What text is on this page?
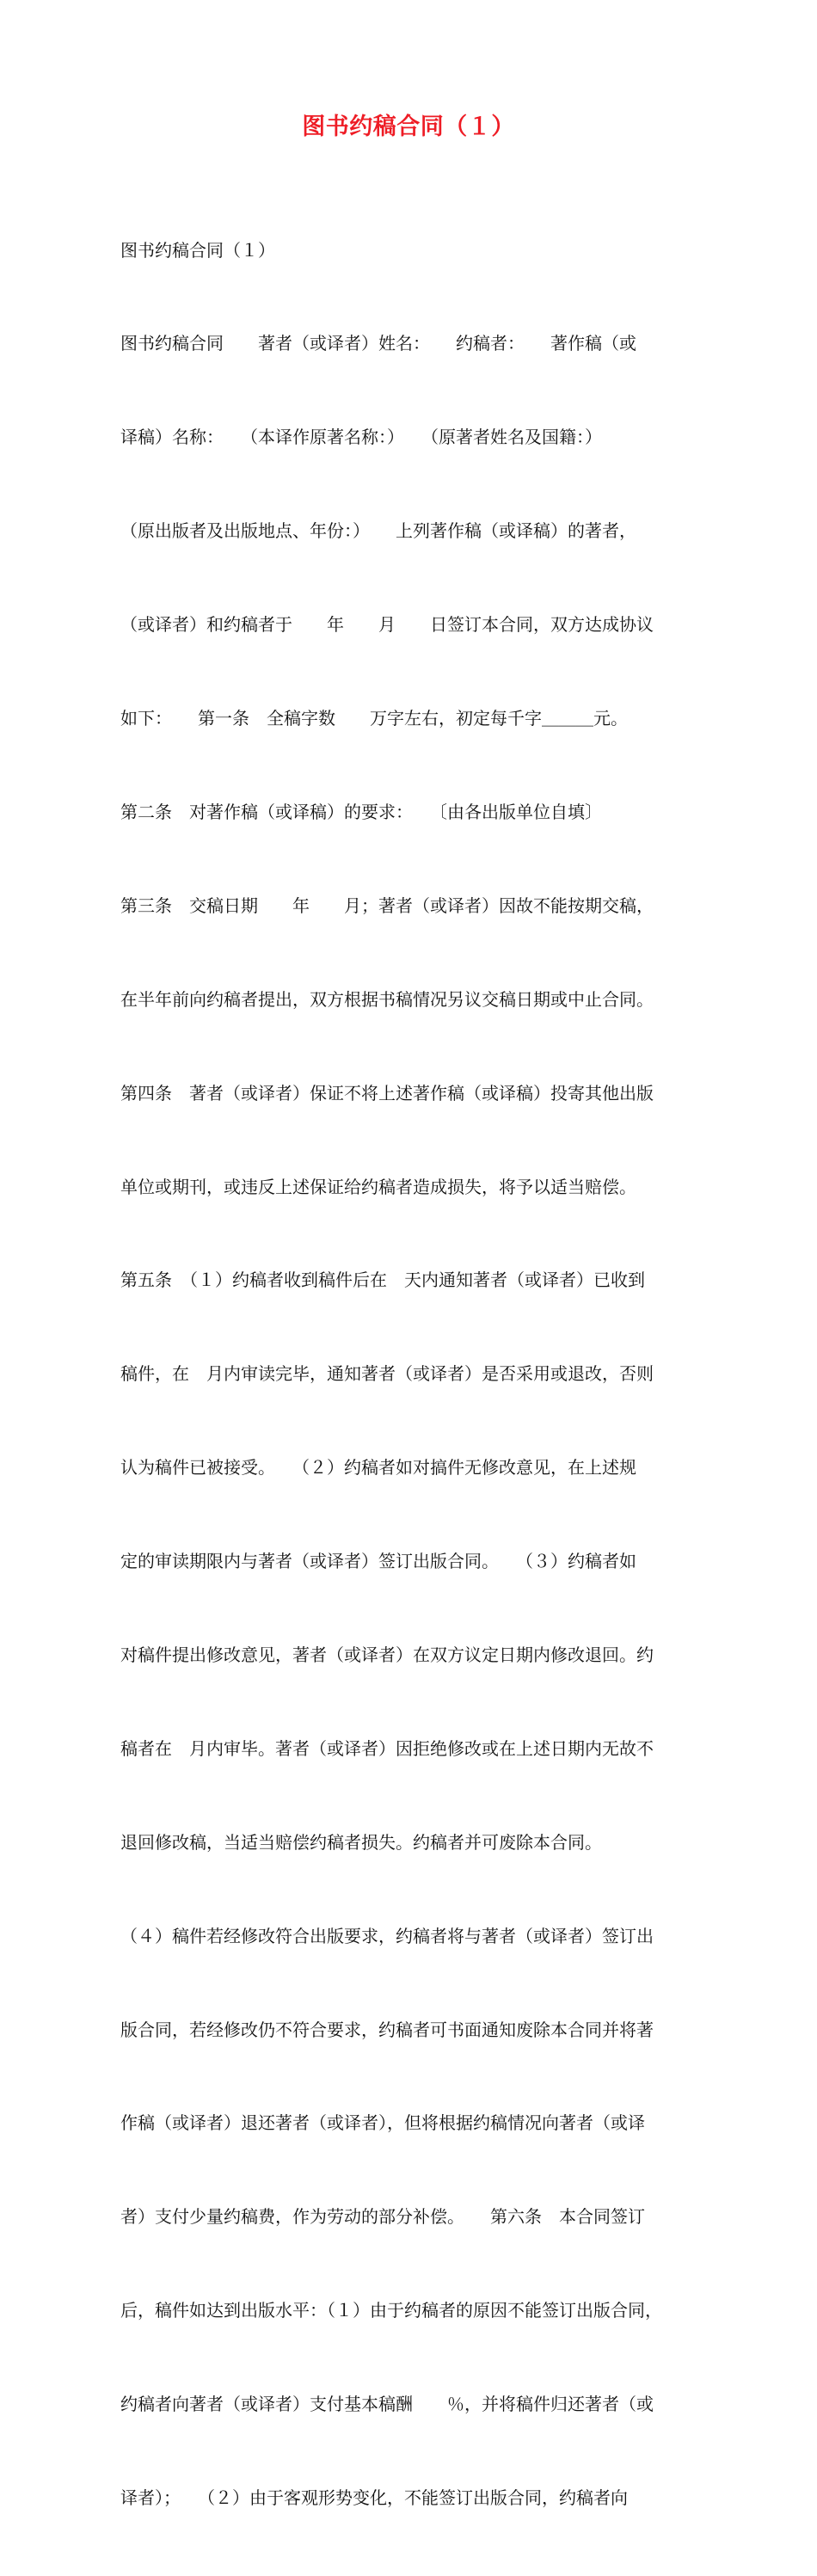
图书约稿合同（１）

图书约稿合同（１）

图书约稿合同　　著者（或译者）姓名：　　约稿者：　　著作稿（或

译稿）名称：　　（本译作原著名称：）　　（原著者姓名及国籍：）

（原出版者及出版地点、年份：）　　上列著作稿（或译稿）的著者，

（或译者）和约稿者于　　年　　月　　日签订本合同，双方达成协议

如下：　　第一条　全稿字数　　万字左右，初定每千字＿＿＿元。

第二条　对著作稿（或译稿）的要求：　　〔由各出版单位自填〕

第三条　交稿日期　　年　　月；著者（或译者）因故不能按期交稿，

在半年前向约稿者提出，双方根据书稿情况另议交稿日期或中止合同。

第四条　著者（或译者）保证不将上述著作稿（或译稿）投寄其他出版

单位或期刊，或违反上述保证给约稿者造成损失，将予以适当赔偿。

第五条　（１）约稿者收到稿件后在　天内通知著者（或译者）已收到

稿件，在　月内审读完毕，通知著者（或译者）是否采用或退改，否则

认为稿件已被接受。　　（２）约稿者如对搞件无修改意见，在上述规

定的审读期限内与著者（或译者）签订出版合同。　　（３）约稿者如

对稿件提出修改意见，著者（或译者）在双方议定日期内修改退回。约

稿者在　月内审毕。著者（或译者）因拒绝修改或在上述日期内无故不

退回修改稿，当适当赔偿约稿者损失。约稿者并可废除本合同。

（４）稿件若经修改符合出版要求，约稿者将与著者（或译者）签订出

版合同，若经修改仍不符合要求，约稿者可书面通知废除本合同并将著

作稿（或译者）退还著者（或译者），但将根据约稿情况向著者（或译

者）支付少量约稿费，作为劳动的部分补偿。　　第六条　本合同签订

后，稿件如达到出版水平：（１）由于约稿者的原因不能签订出版合同，

约稿者向著者（或译者）支付基本稿酬　　％，并将稿件归还著者（或

译者）；　　（２）由于客观形势变化，不能签订出版合同，约稿者向
